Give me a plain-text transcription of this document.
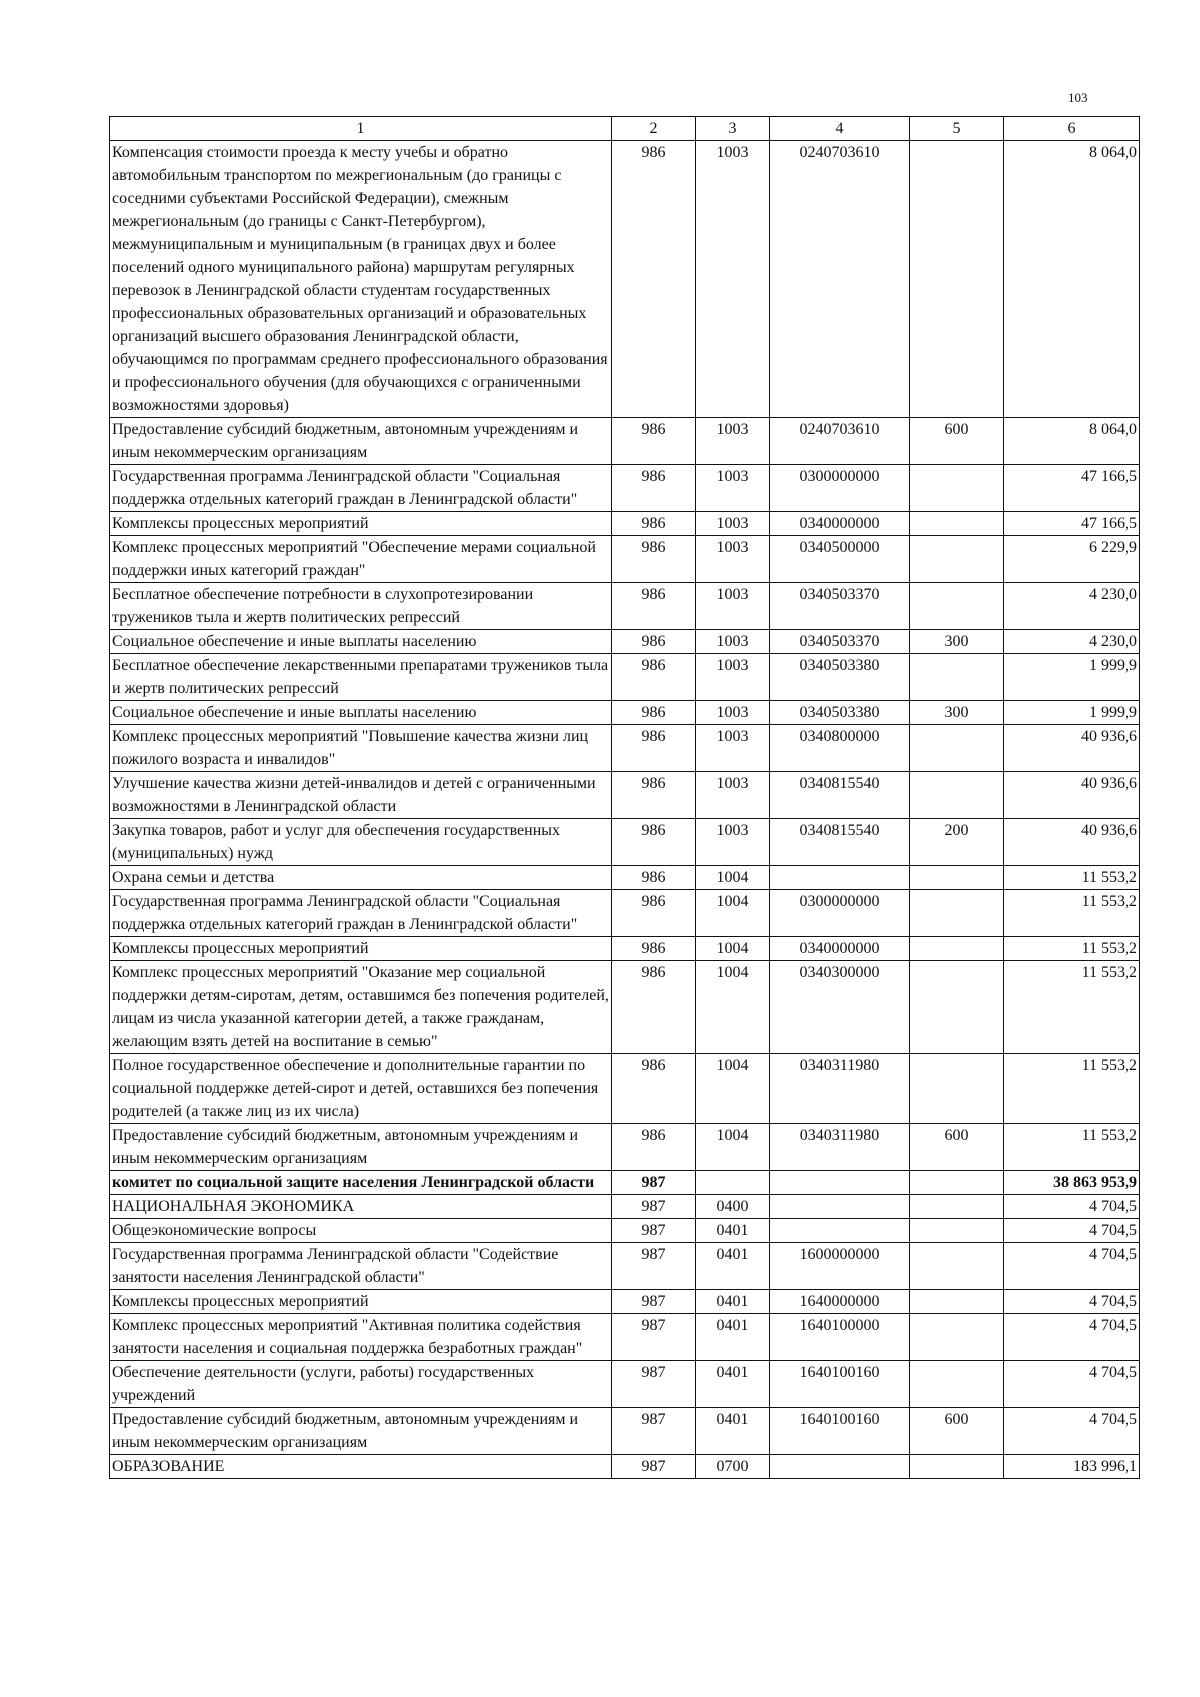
103
1	2	3	4	5	6
Компенсация стоимости проезда к месту учебы и обратно автомобильным транспортом по межрегиональным (до границы с соседними субъектами Российской Федерации), смежным межрегиональным (до границы с Санкт-Петербургом), межмуниципальным и муниципальным (в границах двух и более поселений одного муниципального района) маршрутам регулярных перевозок в Ленинградской области студентам государственных профессиональных образовательных организаций и образовательных организаций высшего образования Ленинградской области, обучающимся по программам среднего профессионального образования и профессионального обучения (для обучающихся с ограниченными возможностями здоровья)	986	1003	0240703610		8 064,0
Предоставление субсидий бюджетным, автономным учреждениям и иным некоммерческим организациям	986	1003	0240703610	600	8 064,0
Государственная программа Ленинградской области "Социальная поддержка отдельных категорий граждан в Ленинградской области"	986	1003	0300000000		47 166,5
Комплексы процессных мероприятий	986	1003	0340000000		47 166,5
Комплекс процессных мероприятий "Обеспечение мерами социальной поддержки иных категорий граждан"	986	1003	0340500000		6 229,9
Бесплатное обеспечение потребности в слухопротезировании тружеников тыла и жертв политических репрессий	986	1003	0340503370		4 230,0
Социальное обеспечение и иные выплаты населению	986	1003	0340503370	300	4 230,0
Бесплатное обеспечение лекарственными препаратами тружеников тыла и жертв политических репрессий	986	1003	0340503380		1 999,9
Социальное обеспечение и иные выплаты населению	986	1003	0340503380	300	1 999,9
Комплекс процессных мероприятий "Повышение качества жизни лиц пожилого возраста и инвалидов"	986	1003	0340800000		40 936,6
Улучшение качества жизни детей-инвалидов и детей с ограниченными возможностями в Ленинградской области	986	1003	0340815540		40 936,6
Закупка товаров, работ и услуг для обеспечения государственных (муниципальных) нужд	986	1003	0340815540	200	40 936,6
Охрана семьи и детства	986	1004			11 553,2
Государственная программа Ленинградской области "Социальная поддержка отдельных категорий граждан в Ленинградской области"	986	1004	0300000000		11 553,2
Комплексы процессных мероприятий	986	1004	0340000000		11 553,2
Комплекс процессных мероприятий "Оказание мер социальной поддержки детям-сиротам, детям, оставшимся без попечения родителей, лицам из числа указанной категории детей, а также гражданам, желающим взять детей на воспитание в семью"	986	1004	0340300000		11 553,2
Полное государственное обеспечение и дополнительные гарантии по социальной поддержке детей-сирот и детей, оставшихся без попечения родителей (а также лиц из их числа)	986	1004	0340311980		11 553,2
Предоставление субсидий бюджетным, автономным учреждениям и иным некоммерческим организациям	986	1004	0340311980	600	11 553,2
комитет по социальной защите населения Ленинградской области	987				38 863 953,9
НАЦИОНАЛЬНАЯ ЭКОНОМИКА	987	0400			4 704,5
Общеэкономические вопросы	987	0401			4 704,5
Государственная программа Ленинградской области "Содействие занятости населения Ленинградской области"	987	0401	1600000000		4 704,5
Комплексы процессных мероприятий	987	0401	1640000000		4 704,5
Комплекс процессных мероприятий "Активная политика содействия занятости населения и социальная поддержка безработных граждан"	987	0401	1640100000		4 704,5
Обеспечение деятельности (услуги, работы) государственных учреждений	987	0401	1640100160		4 704,5
Предоставление субсидий бюджетным, автономным учреждениям и иным некоммерческим организациям	987	0401	1640100160	600	4 704,5
ОБРАЗОВАНИЕ	987	0700			183 996,1
